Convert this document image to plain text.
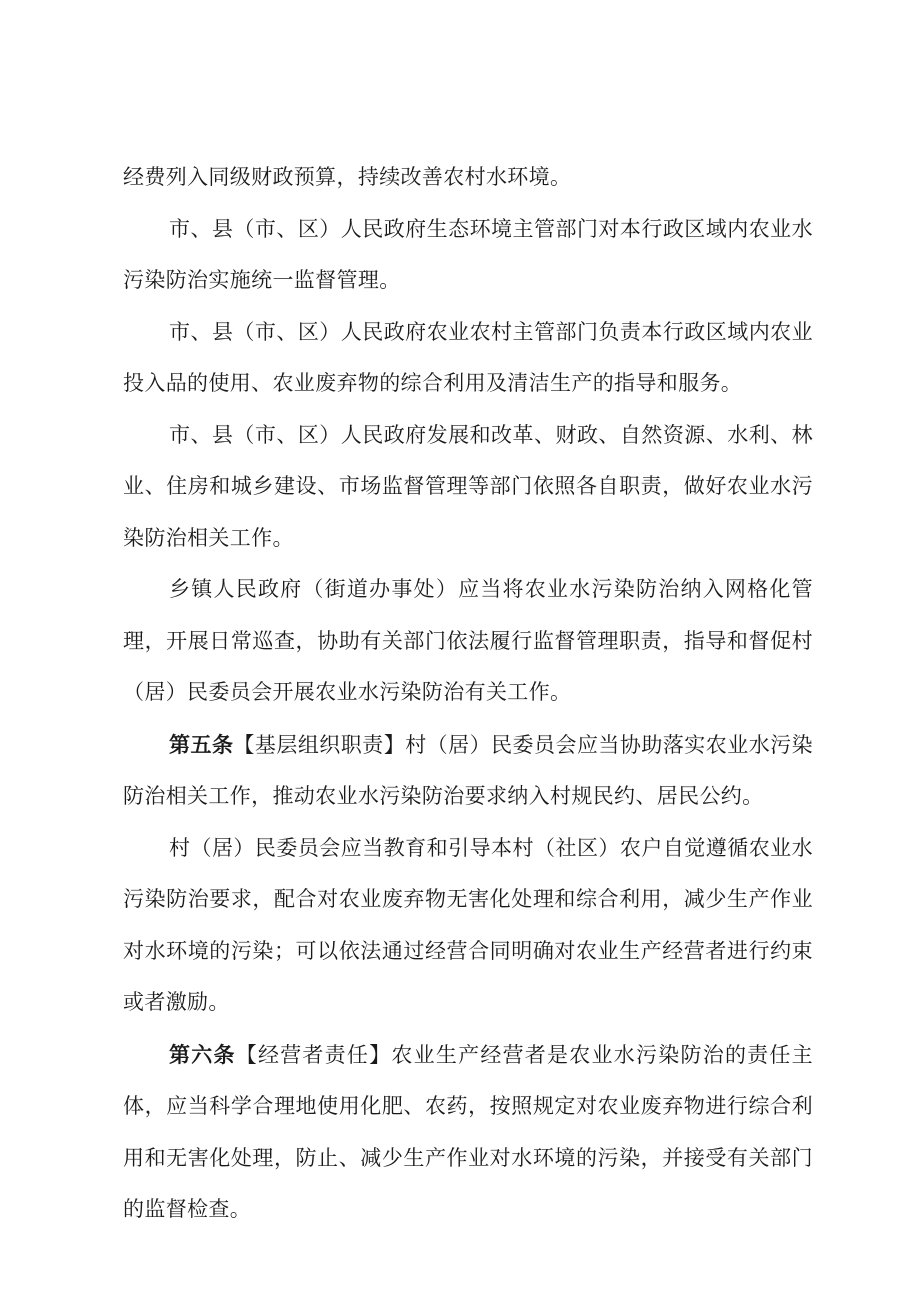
经费列入同级财政预算，持续改善农村水环境。

市、县（市、区）人民政府生态环境主管部门对本行政区域内农业水污染防治实施统一监督管理。

市、县（市、区）人民政府农业农村主管部门负责本行政区域内农业投入品的使用、农业废弃物的综合利用及清洁生产的指导和服务。

市、县（市、区）人民政府发展和改革、财政、自然资源、水利、林业、住房和城乡建设、市场监督管理等部门依照各自职责，做好农业水污染防治相关工作。

乡镇人民政府（街道办事处）应当将农业水污染防治纳入网格化管理，开展日常巡查，协助有关部门依法履行监督管理职责，指导和督促村（居）民委员会开展农业水污染防治有关工作。

第五条【基层组织职责】村（居）民委员会应当协助落实农业水污染防治相关工作，推动农业水污染防治要求纳入村规民约、居民公约。

村（居）民委员会应当教育和引导本村（社区）农户自觉遵循农业水污染防治要求，配合对农业废弃物无害化处理和综合利用，减少生产作业对水环境的污染；可以依法通过经营合同明确对农业生产经营者进行约束或者激励。

第六条【经营者责任】农业生产经营者是农业水污染防治的责任主体，应当科学合理地使用化肥、农药，按照规定对农业废弃物进行综合利用和无害化处理，防止、减少生产作业对水环境的污染，并接受有关部门的监督检查。
